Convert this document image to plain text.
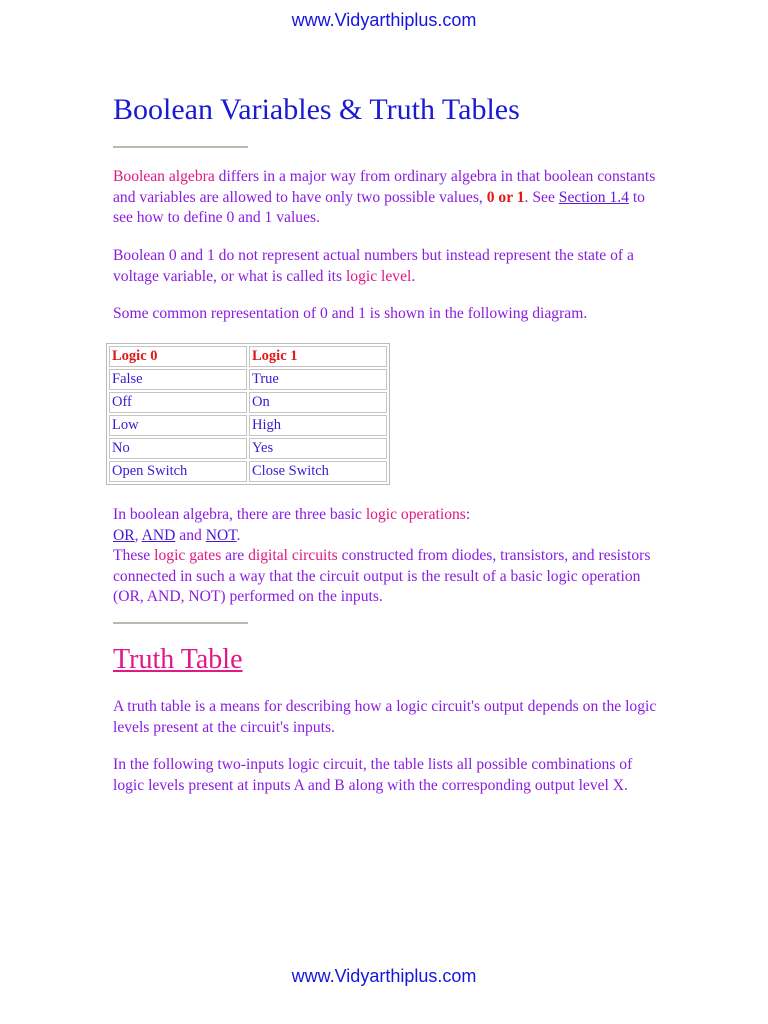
www.Vidyarthiplus.com
Boolean Variables & Truth Tables

Boolean algebra differs in a major way from ordinary algebra in that boolean constants and variables are allowed to have only two possible values, 0 or 1. See Section 1.4 to see how to define 0 and 1 values.

Boolean 0 and 1 do not represent actual numbers but instead represent the state of a voltage variable, or what is called its logic level.

Some common representation of 0 and 1 is shown in the following diagram.

Logic 0	Logic 1
False	True
Off	On
Low	High
No	Yes
Open Switch	Close Switch

In boolean algebra, there are three basic logic operations:
OR, AND and NOT.
These logic gates are digital circuits constructed from diodes, transistors, and resistors connected in such a way that the circuit output is the result of a basic logic operation (OR, AND, NOT) performed on the inputs.

Truth Table

A truth table is a means for describing how a logic circuit's output depends on the logic levels present at the circuit's inputs.

In the following two-inputs logic circuit, the table lists all possible combinations of logic levels present at inputs A and B along with the corresponding output level X.

www.Vidyarthiplus.com
